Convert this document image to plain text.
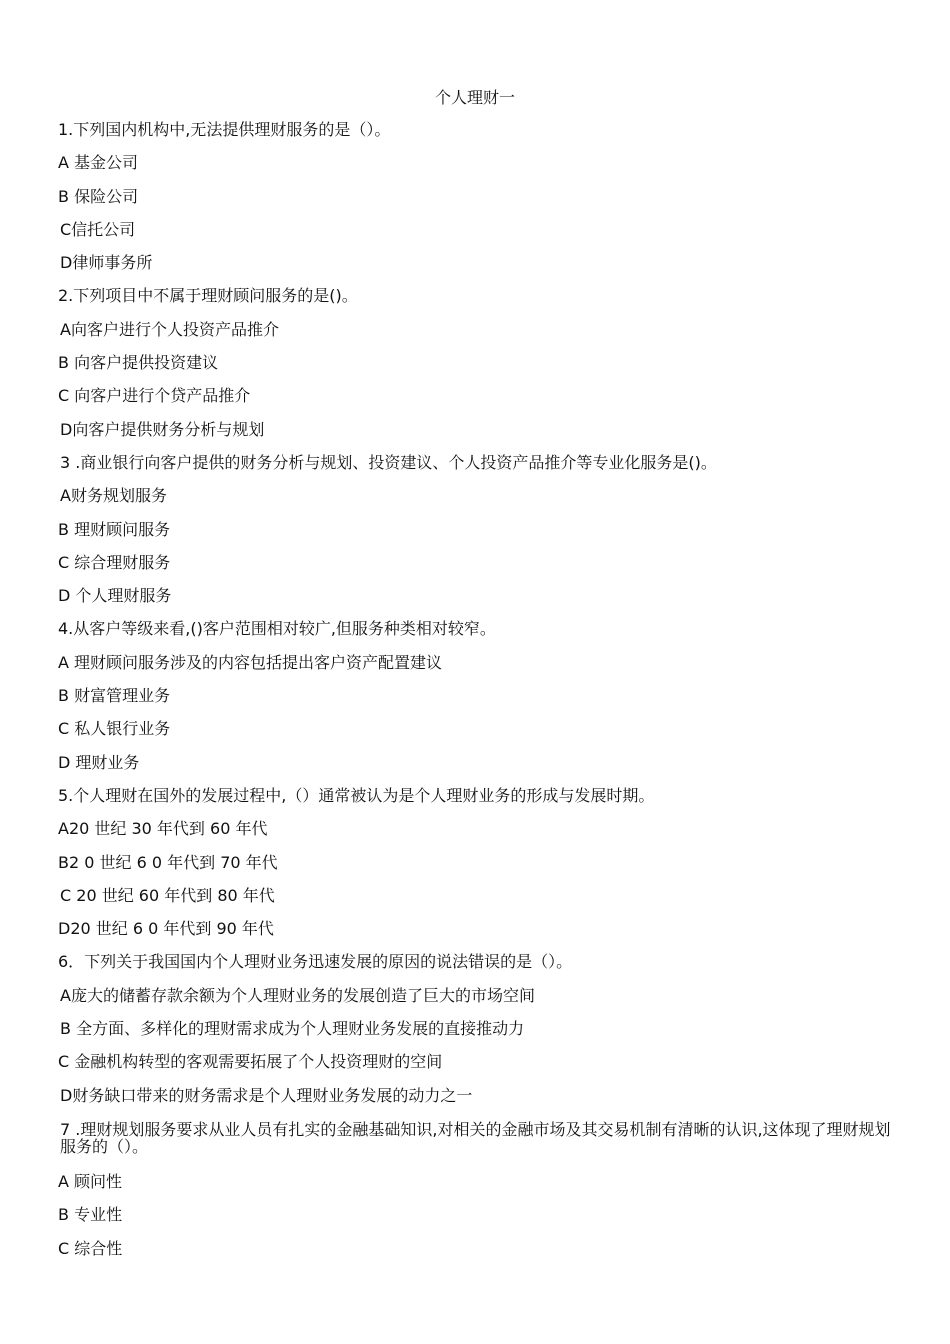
个人理财一
1.下列国内机构中,无法提供理财服务的是（）。
A 基金公司
B 保险公司
C信托公司
D律师事务所
2.下列项目中不属于理财顾问服务的是()。
A向客户进行个人投资产品推介
B 向客户提供投资建议
C 向客户进行个贷产品推介
D向客户提供财务分析与规划
3 .商业银行向客户提供的财务分析与规划、投资建议、个人投资产品推介等专业化服务是()。
A财务规划服务
B 理财顾问服务
C 综合理财服务
D 个人理财服务
4.从客户等级来看,()客户范围相对较广,但服务种类相对较窄。
A 理财顾问服务涉及的内容包括提出客户资产配置建议
B 财富管理业务
C 私人银行业务
D 理财业务
5.个人理财在国外的发展过程中,（）通常被认为是个人理财业务的形成与发展时期。
A20 世纪 30 年代到 60 年代
B2 0 世纪 6 0 年代到 70 年代
C 20 世纪 60 年代到 80 年代
D20 世纪 6 0 年代到 90 年代
6．下列关于我国国内个人理财业务迅速发展的原因的说法错误的是（）。
A庞大的储蓄存款余额为个人理财业务的发展创造了巨大的市场空间
B 全方面、多样化的理财需求成为个人理财业务发展的直接推动力
C 金融机构转型的客观需要拓展了个人投资理财的空间
D财务缺口带来的财务需求是个人理财业务发展的动力之一
7 .理财规划服务要求从业人员有扎实的金融基础知识,对相关的金融市场及其交易机制有清晰的认识,这体现了理财规划服务的（）。
A 顾问性
B 专业性
C 综合性
